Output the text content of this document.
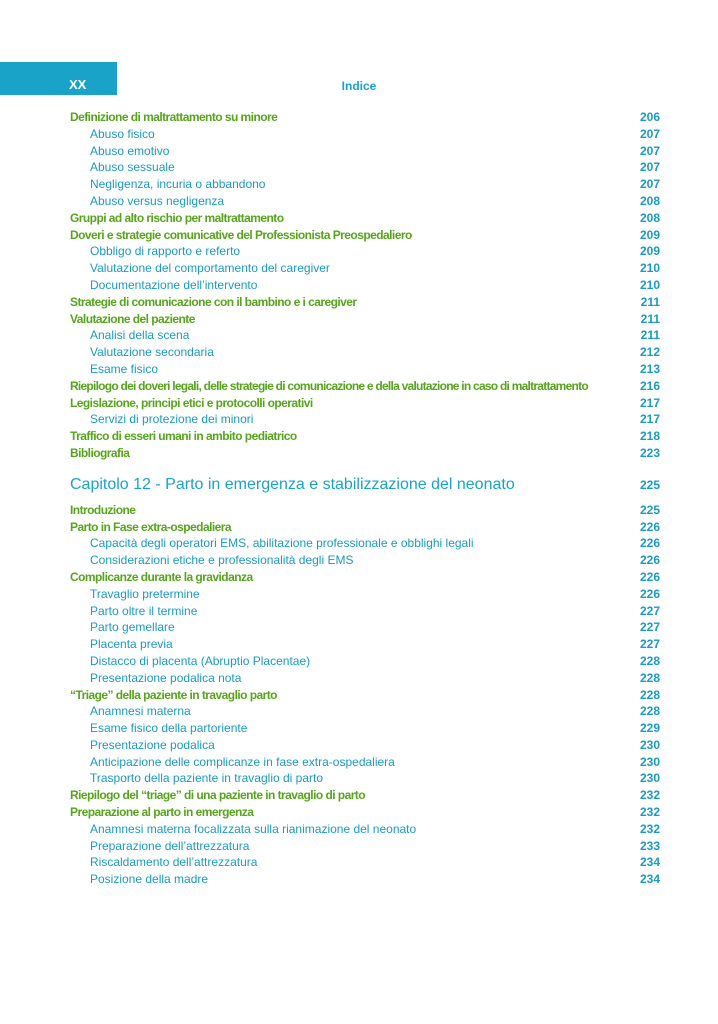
XX	Indice
Definizione di maltrattamento su minore	206
Abuso fisico	207
Abuso emotivo	207
Abuso sessuale	207
Negligenza, incuria o abbandono	207
Abuso versus negligenza	208
Gruppi ad alto rischio per maltrattamento	208
Doveri e strategie comunicative del Professionista Preospedaliero	209
Obbligo di rapporto e referto	209
Valutazione del comportamento del caregiver	210
Documentazione dell’intervento	210
Strategie di comunicazione con il bambino e i caregiver	211
Valutazione del paziente	211
Analisi della scena	211
Valutazione secondaria	212
Esame fisico	213
Riepilogo dei doveri legali, delle strategie di comunicazione e della valutazione in caso di maltrattamento	216
Legislazione, principi etici e protocolli operativi	217
Servizi di protezione dei minori	217
Traffico di esseri umani in ambito pediatrico	218
Bibliografia	223
Capitolo 12 - Parto in emergenza e stabilizzazione del neonato	225
Introduzione	225
Parto in Fase extra-ospedaliera	226
Capacità degli operatori EMS, abilitazione professionale e obblighi legali	226
Considerazioni etiche e professionalità degli EMS	226
Complicanze durante la gravidanza	226
Travaglio pretermine	226
Parto oltre il termine	227
Parto gemellare	227
Placenta previa	227
Distacco di placenta (Abruptio Placentae)	228
Presentazione podalica nota	228
“Triage” della paziente in travaglio parto	228
Anamnesi materna	228
Esame fisico della partoriente	229
Presentazione podalica	230
Anticipazione delle complicanze in fase extra-ospedaliera	230
Trasporto della paziente in travaglio di parto	230
Riepilogo del “triage” di una paziente in travaglio di parto	232
Preparazione al parto in emergenza	232
Anamnesi materna focalizzata sulla rianimazione del neonato	232
Preparazione dell’attrezzatura	233
Riscaldamento dell’attrezzatura	234
Posizione della madre	234
